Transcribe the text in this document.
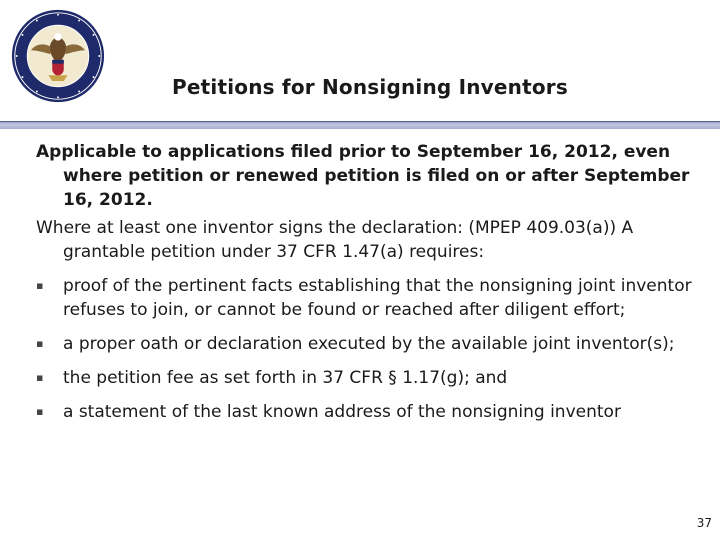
Petitions for Nonsigning Inventors

Applicable to applications filed prior to September 16, 2012, even where petition or renewed petition is filed on or after September 16, 2012.

Where at least one inventor signs the declaration: (MPEP 409.03(a)) A grantable petition under 37 CFR 1.47(a) requires:

▪ proof of the pertinent facts establishing that the nonsigning joint inventor refuses to join, or cannot be found or reached after diligent effort;
▪ a proper oath or declaration executed by the available joint inventor(s);
▪ the petition fee as set forth in 37 CFR § 1.17(g); and
▪ a statement of the last known address of the nonsigning inventor
37
